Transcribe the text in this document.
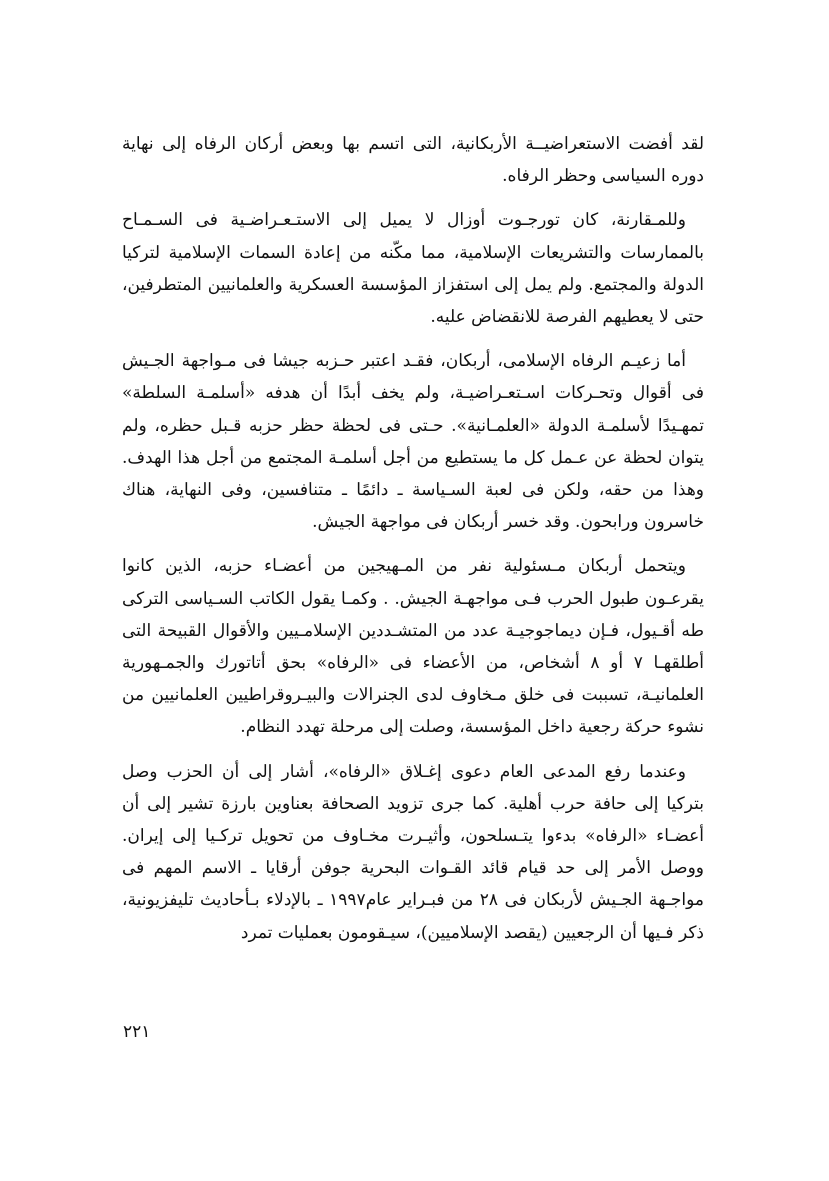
لقد أفضت الاستعراضيــة الأربكانية، التى اتسم بها وبعض أركان الرفاه إلى نهاية دوره السياسى وحظر الرفاه.

وللمـقارنة، كان تورجـوت أوزال لا يميل إلى الاستـعـراضـية فى السـمـاح بالممارسات والتشريعات الإسلامية، مما مكّنه من إعادة السمات الإسلامية لتركيا الدولة والمجتمع. ولم يمل إلى استفزاز المؤسسة العسكرية والعلمانيين المتطرفين، حتى لا يعطيهم الفرصة للانقضاض عليه.

أما زعيـم الرفاه الإسلامى، أربكان، فقـد اعتبر حـزبه جيشا فى مـواجهة الجـيش فى أقوال وتحـركات اسـتعـراضيـة، ولم يخف أبدًا أن هدفه «أسلمـة السلطة» تمهـيدًا لأسلمـة الدولة «العلمـانية». حـتى فى لحظة حظر حزبه قـبل حظره، ولم يتوان لحظة عن عـمل كل ما يستطيع من أجل أسلمـة المجتمع من أجل هذا الهدف. وهذا من حقه، ولكن فى لعبة السـياسة ـ دائمًا ـ متنافسين، وفى النهاية، هناك خاسرون ورابحون. وقد خسر أربكان فى مواجهة الجيش.

ويتحمل أربكان مـسئولية نفر من المـهيجين من أعضـاء حزبه، الذين كانوا يقرعـون طبول الحرب فـى مواجهـة الجيش. . وكمـا يقول الكاتب السـياسى التركى طه أقـيول، فـإن ديماجوجيـة عدد من المتشـددين الإسلامـيين والأقوال القبيحة التى أطلقهـا ٧ أو ٨ أشخاص، من الأعضاء فى «الرفاه» بحق أتاتورك والجمـهورية العلمانيـة، تسببت فى خلق مـخاوف لدى الجنرالات والبيـروقراطيين العلمانيين من نشوء حركة رجعية داخل المؤسسة، وصلت إلى مرحلة تهدد النظام.

وعندما رفع المدعى العام دعوى إغـلاق «الرفاه»، أشار إلى أن الحزب وصل بتركيا إلى حافة حرب أهلية. كما جرى تزويد الصحافة بعناوين بارزة تشير إلى أن أعضـاء «الرفاه» بدءوا يتـسلحون، وأثيـرت مخـاوف من تحويل تركـيا إلى إيران. ووصل الأمر إلى حد قيام قائد القـوات البحرية جوفن أرقايا ـ الاسم المهم فى مواجـهة الجـيش لأربكان فى ٢٨ من فبـراير عام١٩٩٧ ـ بالإدلاء بـأحاديث تليفزيونية، ذكر فـيها أن الرجعيين (يقصد الإسلاميين)، سيـقومون بعمليات تمرد

٢٢١
